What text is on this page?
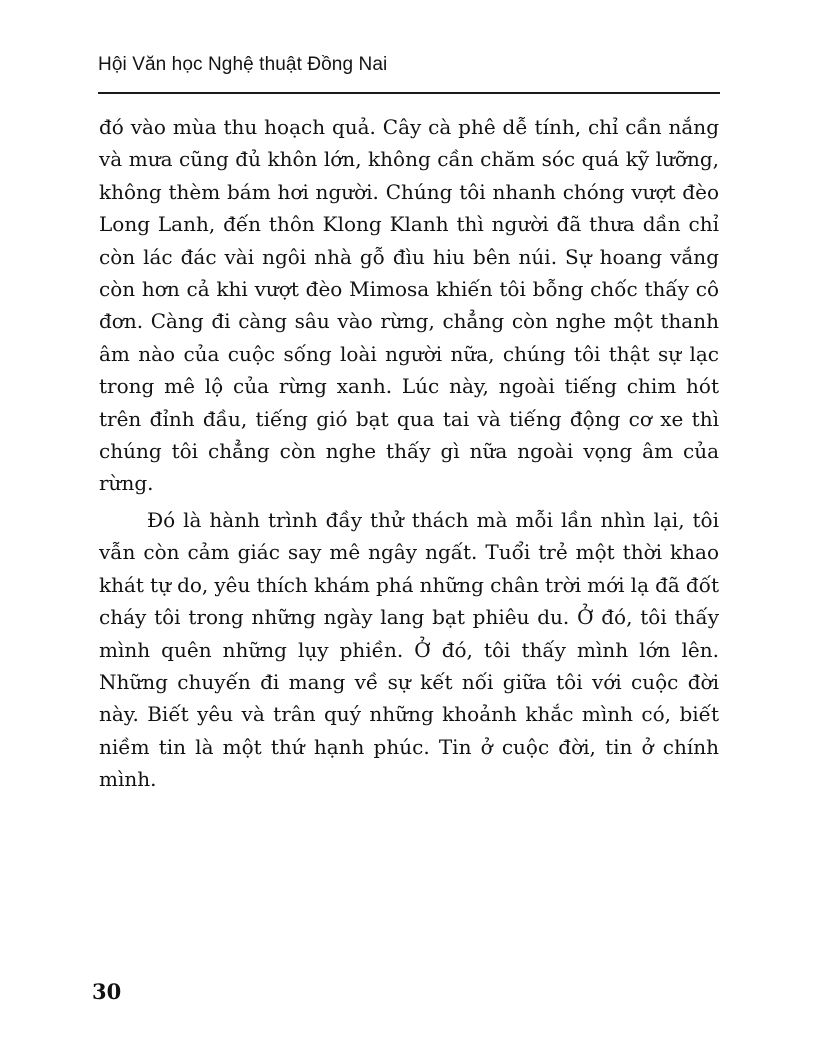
Hội Văn học Nghệ thuật Đồng Nai

đó vào mùa thu hoạch quả. Cây cà phê dễ tính, chỉ cần nắng và mưa cũng đủ khôn lớn, không cần chăm sóc quá kỹ lưỡng, không thèm bám hơi người. Chúng tôi nhanh chóng vượt đèo Long Lanh, đến thôn Klong Klanh thì người đã thưa dần chỉ còn lác đác vài ngôi nhà gỗ đìu hiu bên núi. Sự hoang vắng còn hơn cả khi vượt đèo Mimosa khiến tôi bỗng chốc thấy cô đơn. Càng đi càng sâu vào rừng, chẳng còn nghe một thanh âm nào của cuộc sống loài người nữa, chúng tôi thật sự lạc trong mê lộ của rừng xanh. Lúc này, ngoài tiếng chim hót trên đỉnh đầu, tiếng gió bạt qua tai và tiếng động cơ xe thì chúng tôi chẳng còn nghe thấy gì nữa ngoài vọng âm của rừng.

Đó là hành trình đầy thử thách mà mỗi lần nhìn lại, tôi vẫn còn cảm giác say mê ngây ngất. Tuổi trẻ một thời khao khát tự do, yêu thích khám phá những chân trời mới lạ đã đốt cháy tôi trong những ngày lang bạt phiêu du. Ở đó, tôi thấy mình quên những lụy phiền. Ở đó, tôi thấy mình lớn lên. Những chuyến đi mang về sự kết nối giữa tôi với cuộc đời này. Biết yêu và trân quý những khoảnh khắc mình có, biết niềm tin là một thứ hạnh phúc. Tin ở cuộc đời, tin ở chính mình.

30
